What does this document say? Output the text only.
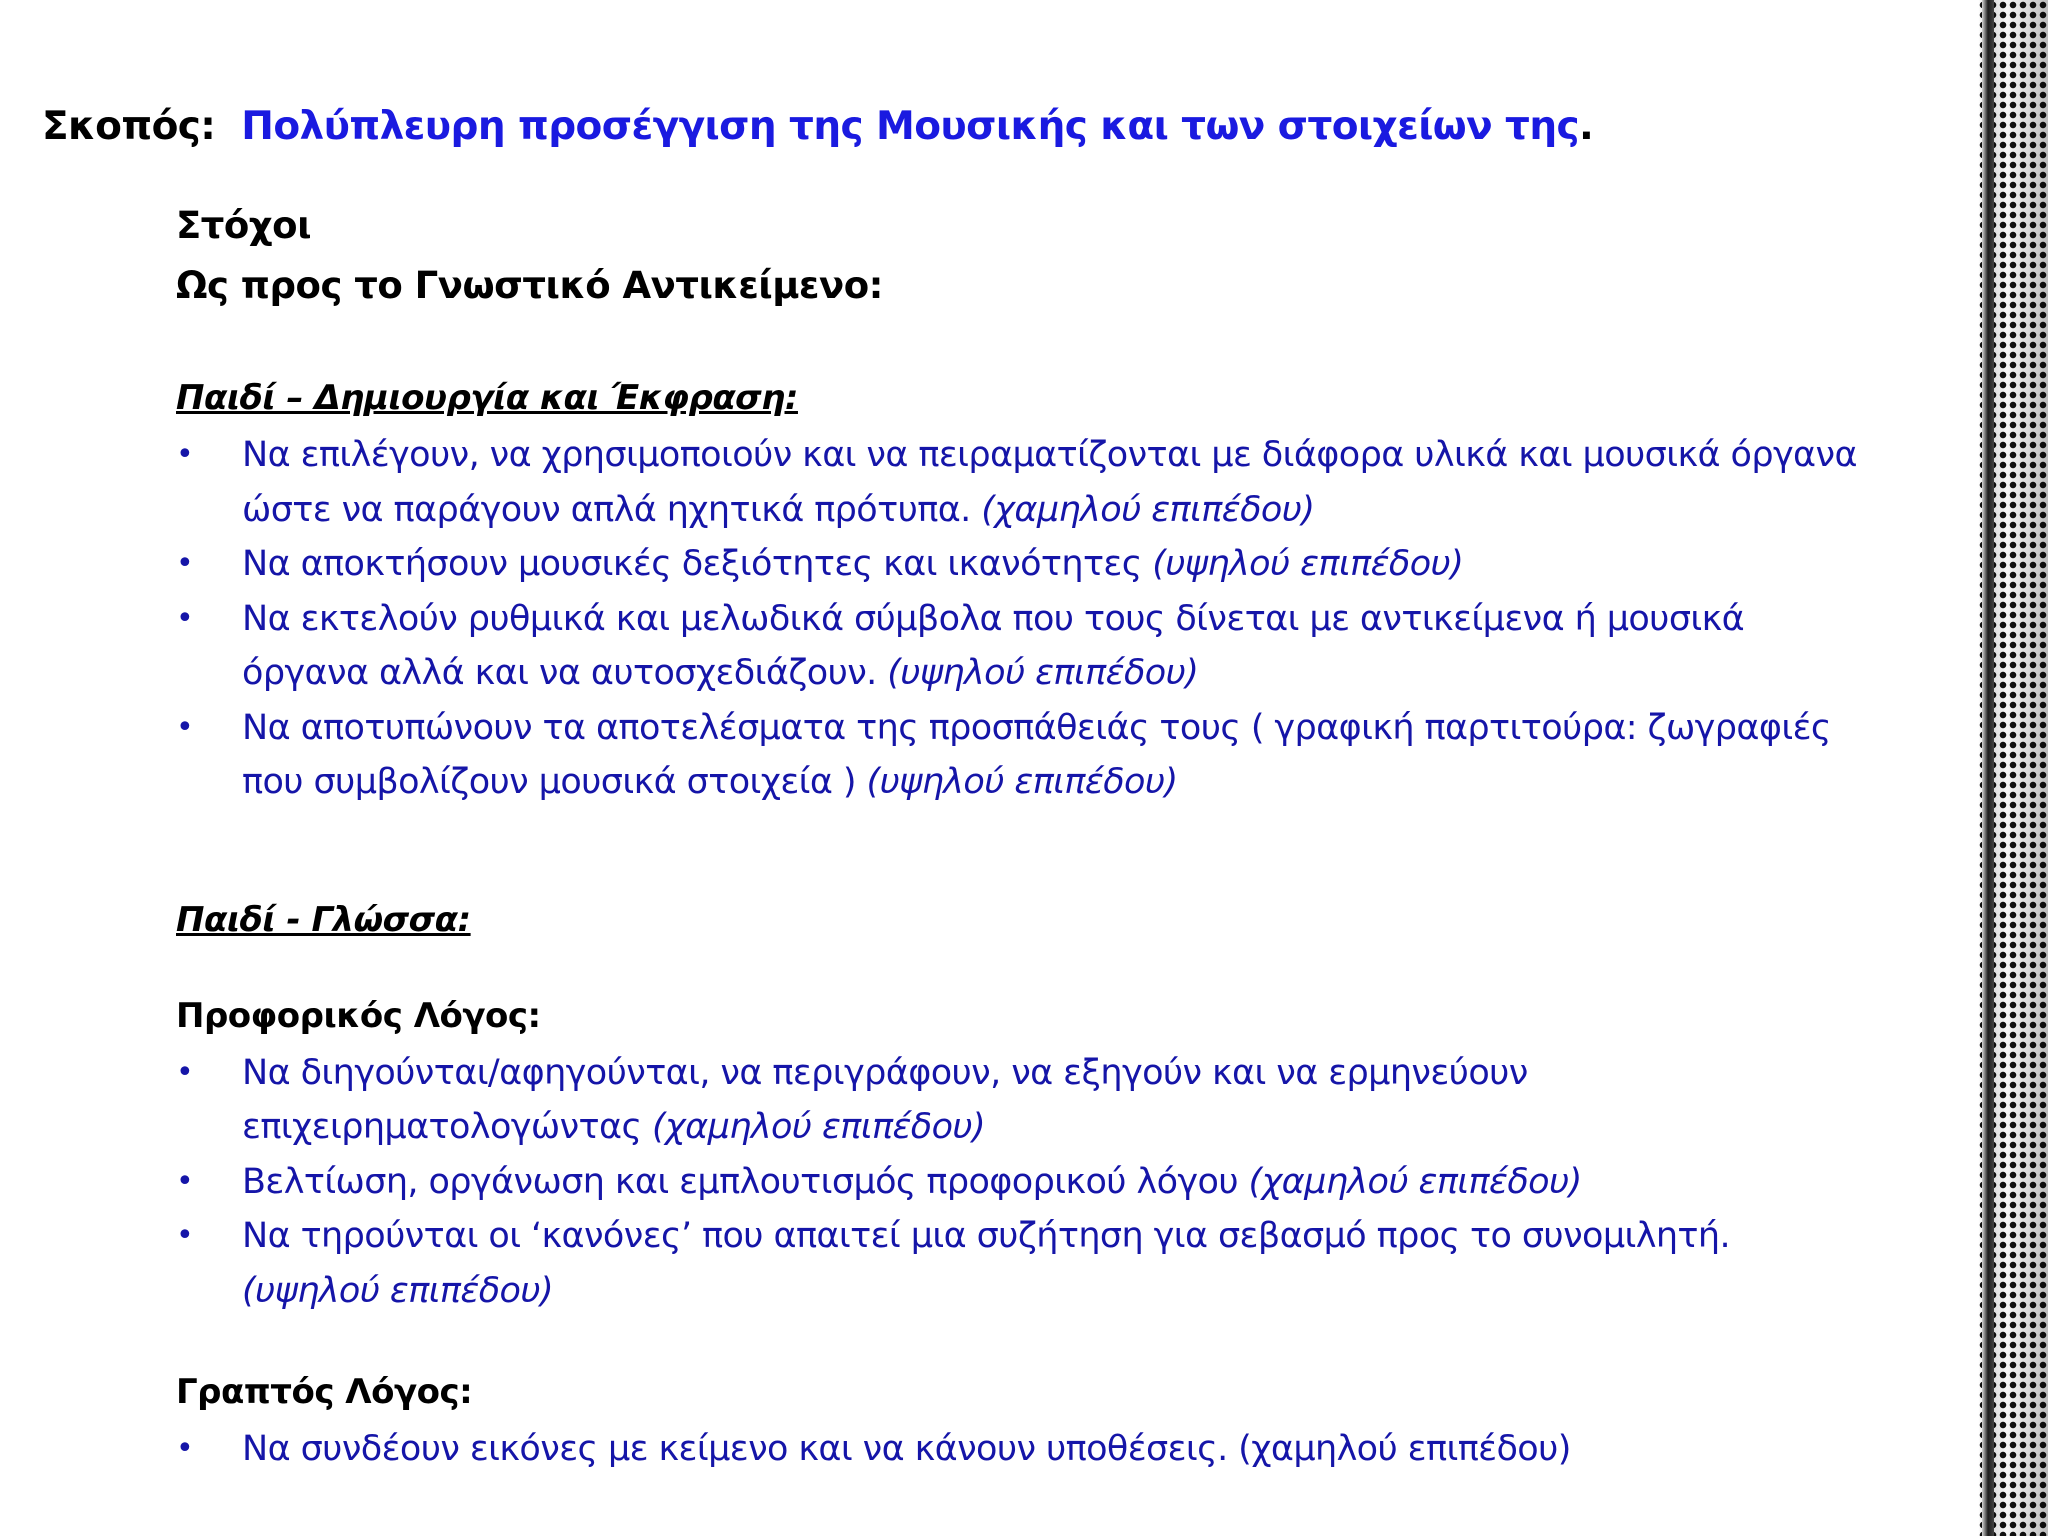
Σκοπός: Πολύπλευρη προσέγγιση της Μουσικής και των στοιχείων της.
Στόχοι
Ως προς το Γνωστικό Αντικείμενο:
Παιδί – Δημιουργία και Έκφραση:
• Να επιλέγουν, να χρησιμοποιούν και να πειραματίζονται με διάφορα υλικά και μουσικά όργανα ώστε να παράγουν απλά ηχητικά πρότυπα. (χαμηλού επιπέδου)
• Να αποκτήσουν μουσικές δεξιότητες και ικανότητες (υψηλού επιπέδου)
• Να εκτελούν ρυθμικά και μελωδικά σύμβολα που τους δίνεται με αντικείμενα ή μουσικά όργανα αλλά και να αυτοσχεδιάζουν. (υψηλού επιπέδου)
• Να αποτυπώνουν τα αποτελέσματα της προσπάθειάς τους ( γραφική παρτιτούρα: ζωγραφιές που συμβολίζουν μουσικά στοιχεία ) (υψηλού επιπέδου)
Παιδί - Γλώσσα:
Προφορικός Λόγος:
• Να διηγούνται/αφηγούνται, να περιγράφουν, να εξηγούν και να ερμηνεύουν επιχειρηματολογώντας (χαμηλού επιπέδου)
• Βελτίωση, οργάνωση και εμπλουτισμός προφορικού λόγου (χαμηλού επιπέδου)
• Να τηρούνται οι ‘κανόνες’ που απαιτεί μια συζήτηση για σεβασμό προς το συνομιλητή. (υψηλού επιπέδου)
Γραπτός Λόγος:
• Να συνδέουν εικόνες με κείμενο και να κάνουν υποθέσεις. (χαμηλού επιπέδου)
